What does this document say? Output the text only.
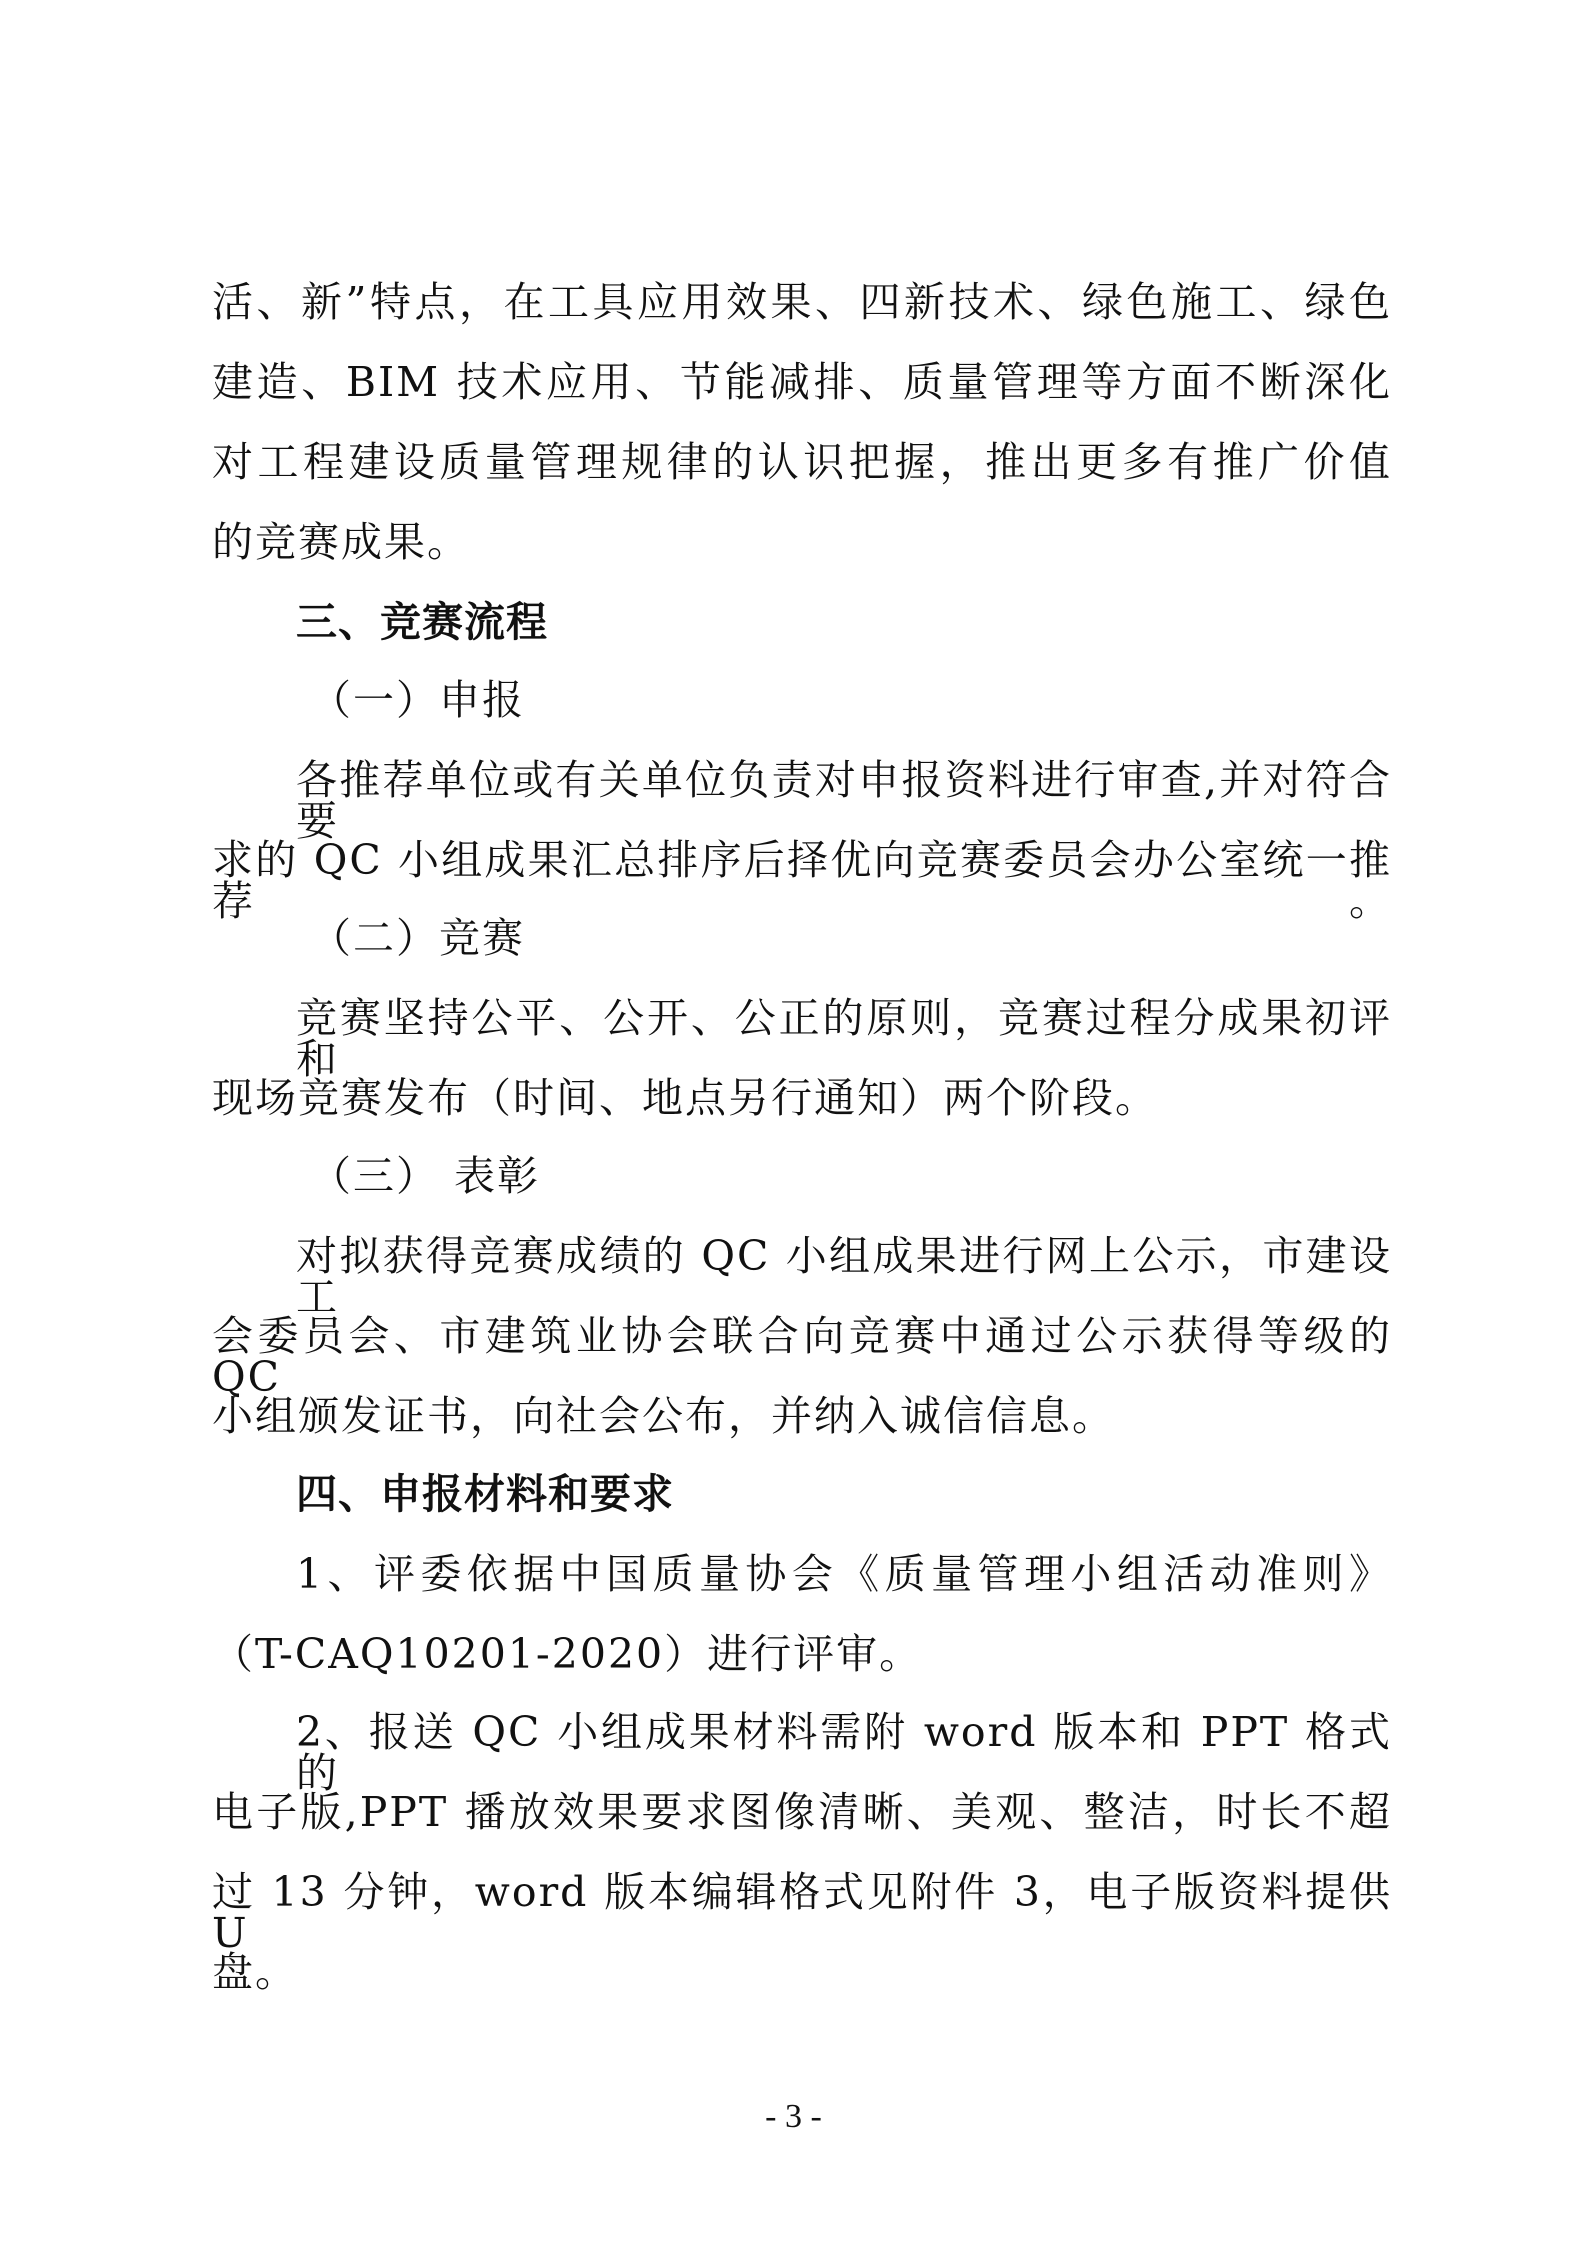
活、新”特点，在工具应用效果、四新技术、绿色施工、绿色
建造、BIM 技术应用、节能减排、质量管理等方面不断深化
对工程建设质量管理规律的认识把握，推出更多有推广价值
的竞赛成果。
三、竞赛流程
（一）申报
各推荐单位或有关单位负责对申报资料进行审查,并对符合要
求的 QC 小组成果汇总排序后择优向竞赛委员会办公室统一推荐。
（二）竞赛
竞赛坚持公平、公开、公正的原则，竞赛过程分成果初评和
现场竞赛发布（时间、地点另行通知）两个阶段。
（三） 表彰
对拟获得竞赛成绩的 QC 小组成果进行网上公示，市建设工
会委员会、市建筑业协会联合向竞赛中通过公示获得等级的 QC
小组颁发证书，向社会公布，并纳入诚信信息。
四、申报材料和要求
1、评委依据中国质量协会《质量管理小组活动准则》
（T-CAQ10201-2020）进行评审。
2、报送 QC 小组成果材料需附 word 版本和 PPT 格式的
电子版,PPT 播放效果要求图像清晰、美观、整洁，时长不超
过 13 分钟，word 版本编辑格式见附件 3，电子版资料提供 U
盘。
- 3 -
